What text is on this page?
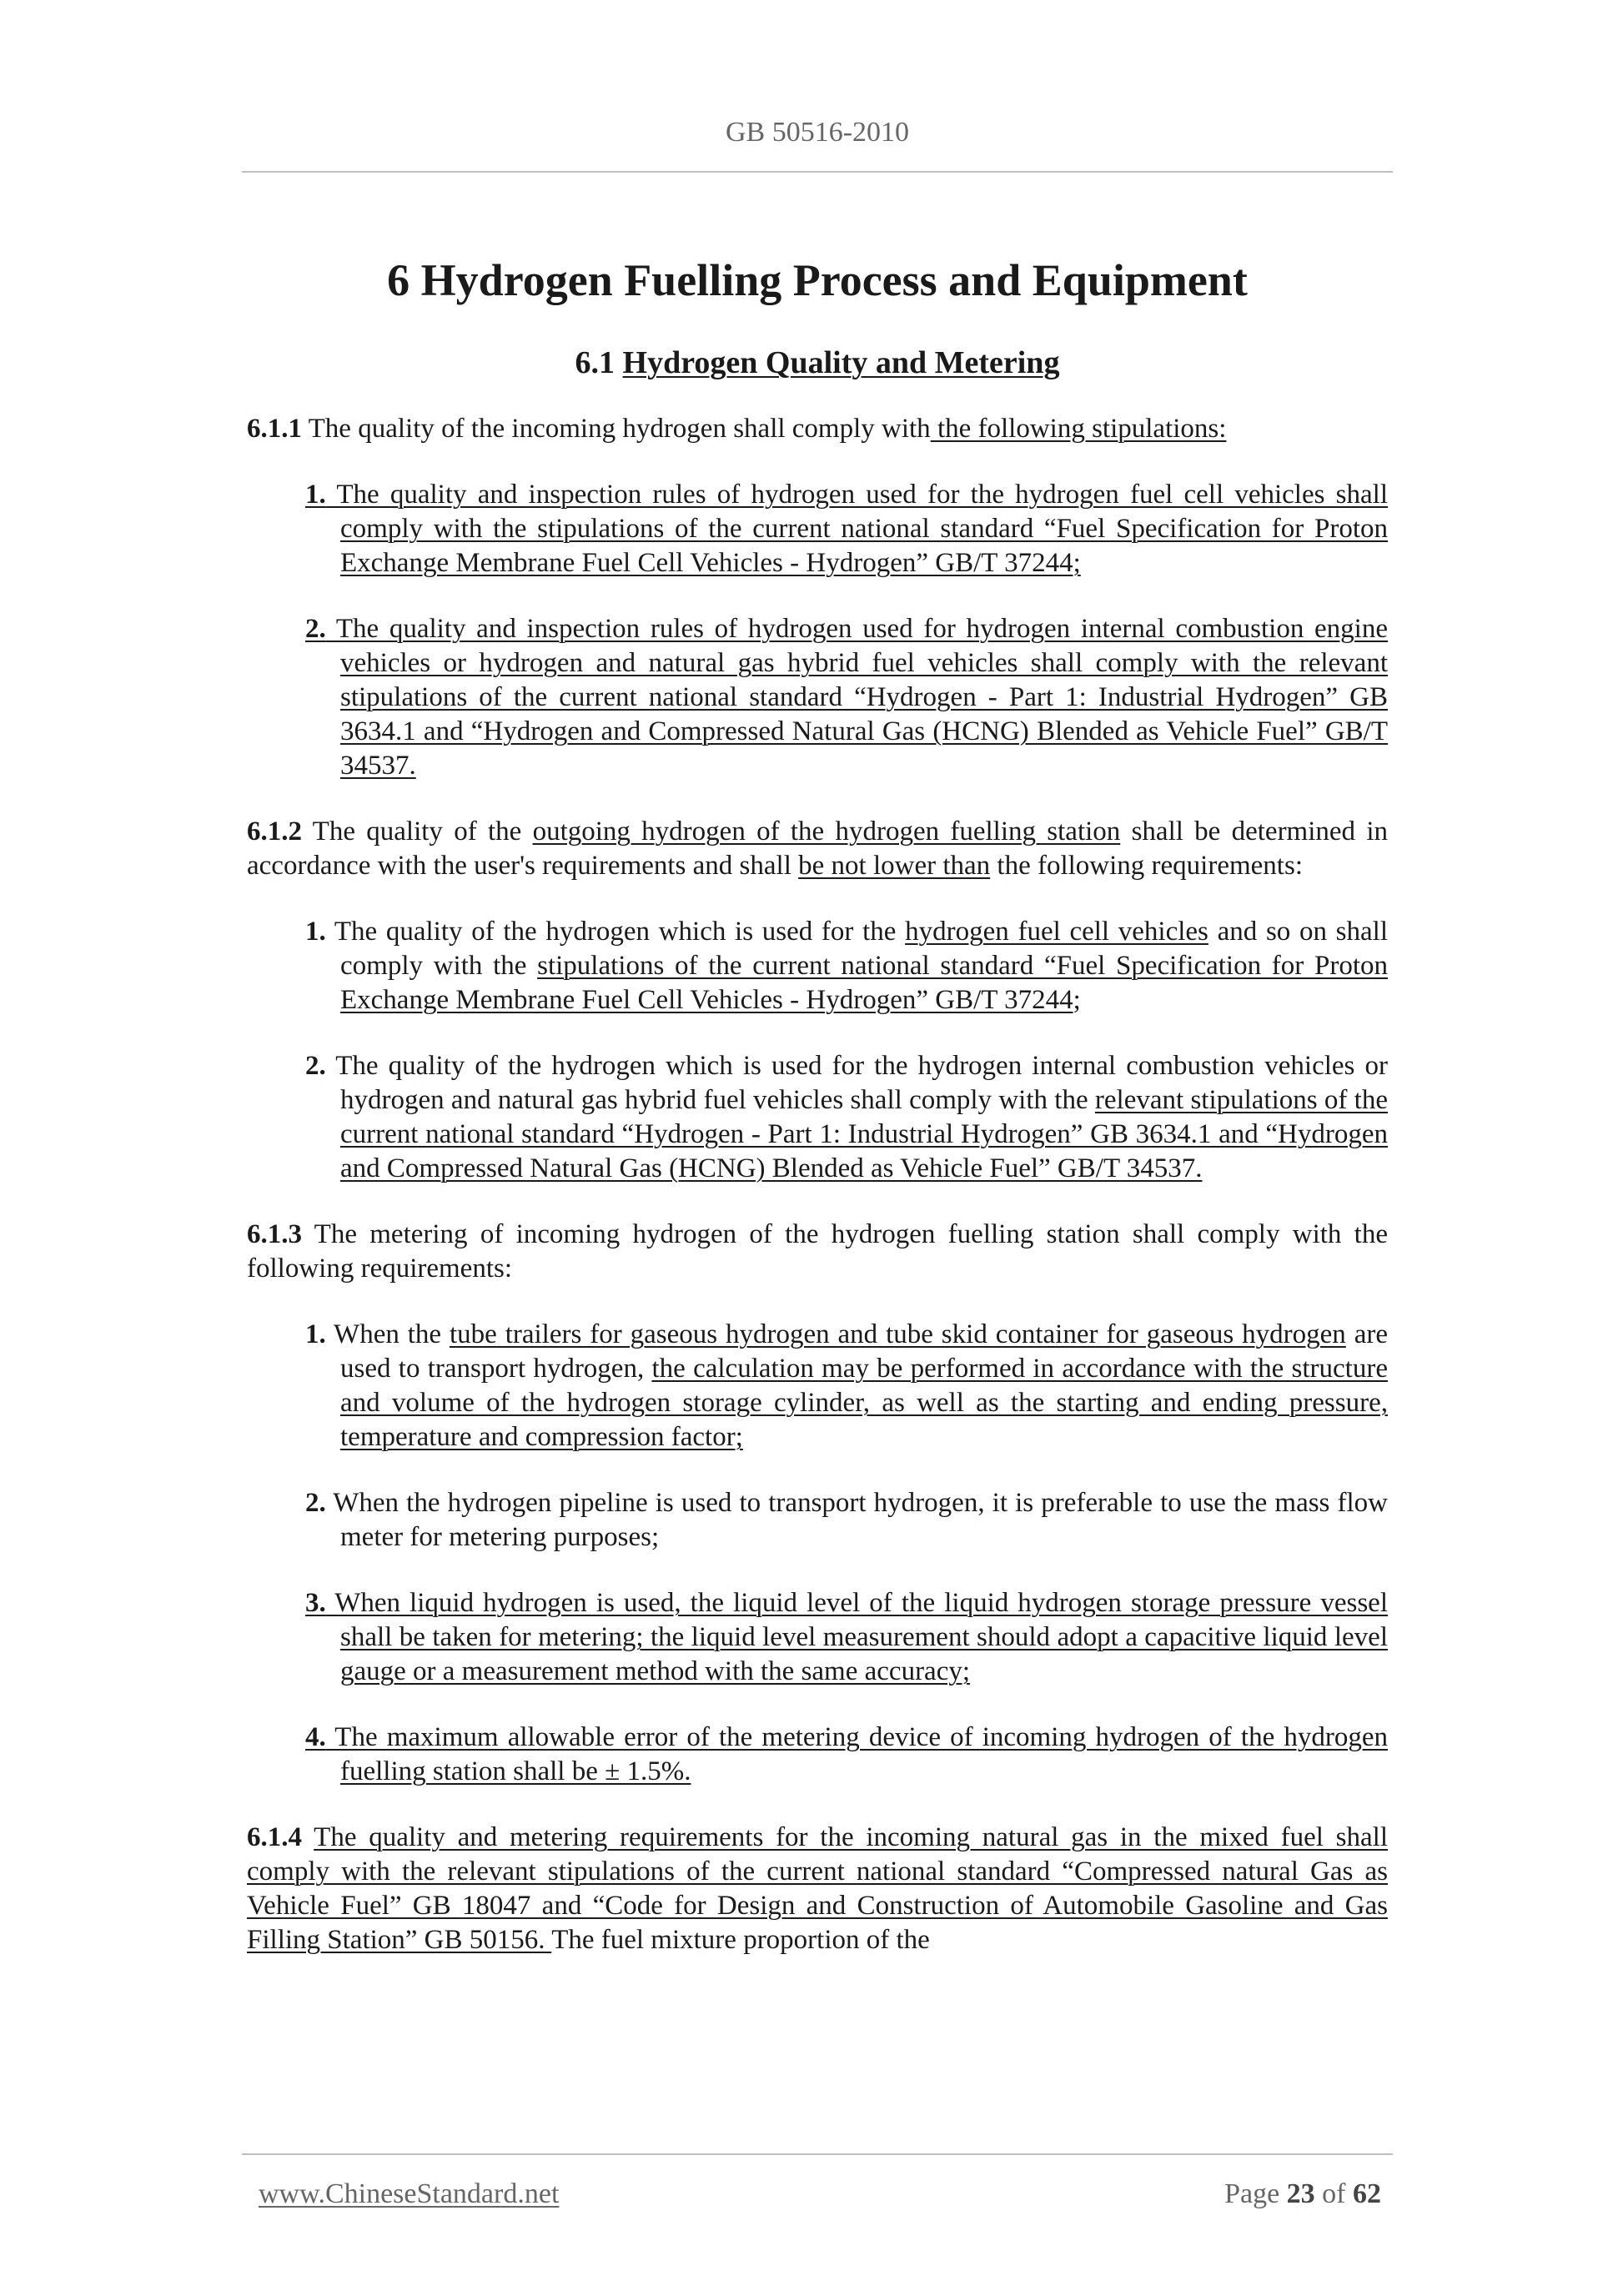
GB 50516-2010
6 Hydrogen Fuelling Process and Equipment
6.1 Hydrogen Quality and Metering

6.1.1 The quality of the incoming hydrogen shall comply with the following stipulations:

1. The quality and inspection rules of hydrogen used for the hydrogen fuel cell vehicles shall comply with the stipulations of the current national standard “Fuel Specification for Proton Exchange Membrane Fuel Cell Vehicles - Hydrogen” GB/T 37244;

2. The quality and inspection rules of hydrogen used for hydrogen internal combustion engine vehicles or hydrogen and natural gas hybrid fuel vehicles shall comply with the relevant stipulations of the current national standard “Hydrogen - Part 1: Industrial Hydrogen” GB 3634.1 and “Hydrogen and Compressed Natural Gas (HCNG) Blended as Vehicle Fuel” GB/T 34537.

6.1.2 The quality of the outgoing hydrogen of the hydrogen fuelling station shall be determined in accordance with the user's requirements and shall be not lower than the following requirements:

1. The quality of the hydrogen which is used for the hydrogen fuel cell vehicles and so on shall comply with the stipulations of the current national standard “Fuel Specification for Proton Exchange Membrane Fuel Cell Vehicles - Hydrogen” GB/T 37244;

2. The quality of the hydrogen which is used for the hydrogen internal combustion vehicles or hydrogen and natural gas hybrid fuel vehicles shall comply with the relevant stipulations of the current national standard “Hydrogen - Part 1: Industrial Hydrogen” GB 3634.1 and “Hydrogen and Compressed Natural Gas (HCNG) Blended as Vehicle Fuel” GB/T 34537.

6.1.3 The metering of incoming hydrogen of the hydrogen fuelling station shall comply with the following requirements:

1. When the tube trailers for gaseous hydrogen and tube skid container for gaseous hydrogen are used to transport hydrogen, the calculation may be performed in accordance with the structure and volume of the hydrogen storage cylinder, as well as the starting and ending pressure, temperature and compression factor;

2. When the hydrogen pipeline is used to transport hydrogen, it is preferable to use the mass flow meter for metering purposes;

3. When liquid hydrogen is used, the liquid level of the liquid hydrogen storage pressure vessel shall be taken for metering; the liquid level measurement should adopt a capacitive liquid level gauge or a measurement method with the same accuracy;

4. The maximum allowable error of the metering device of incoming hydrogen of the hydrogen fuelling station shall be ± 1.5%.

6.1.4 The quality and metering requirements for the incoming natural gas in the mixed fuel shall comply with the relevant stipulations of the current national standard “Compressed natural Gas as Vehicle Fuel” GB 18047 and “Code for Design and Construction of Automobile Gasoline and Gas Filling Station” GB 50156. The fuel mixture proportion of the

www.ChineseStandard.net	Page 23 of 62
